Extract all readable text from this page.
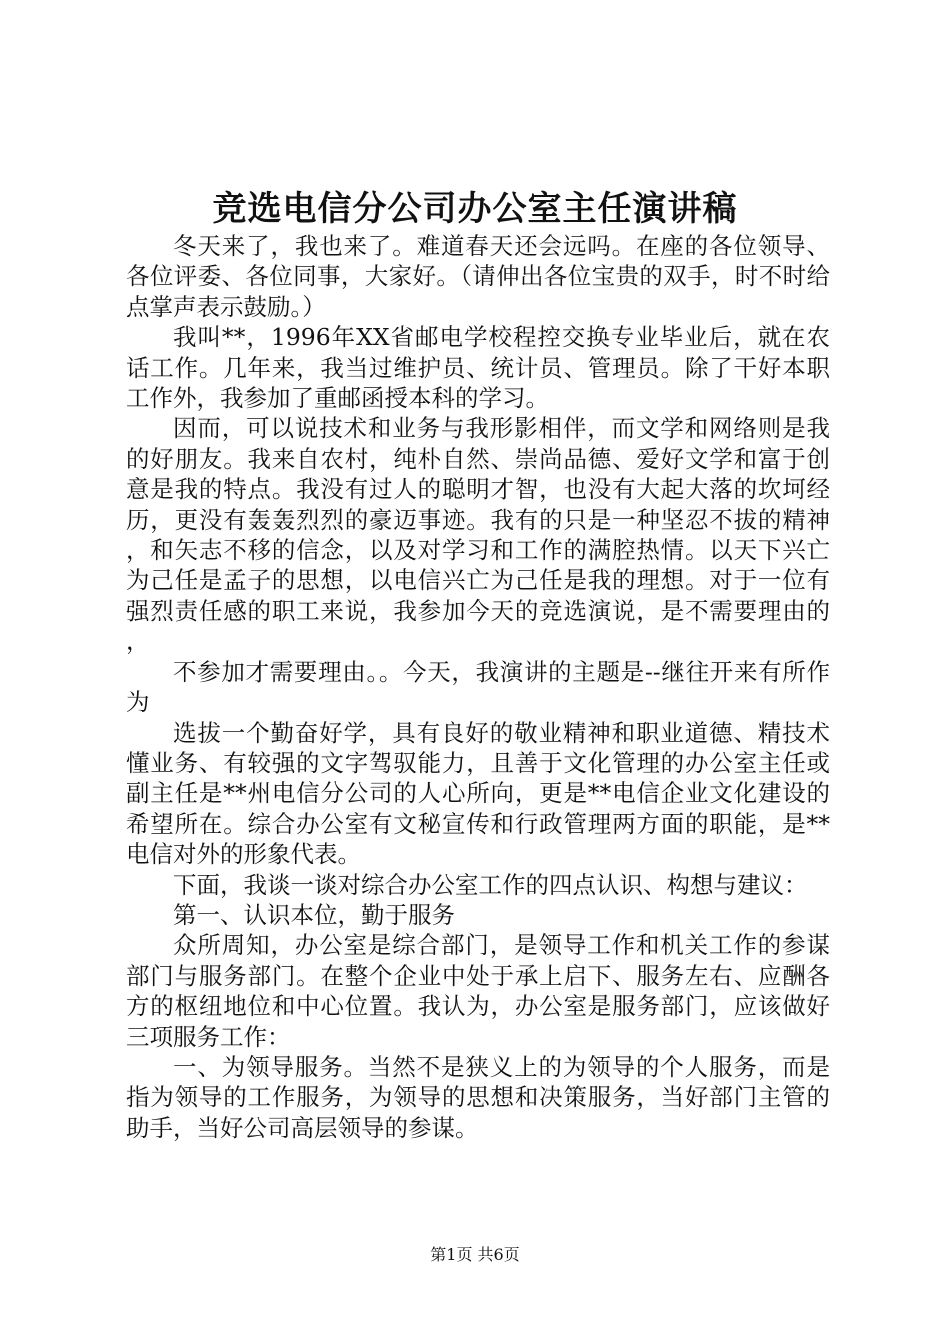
竞选电信分公司办公室主任演讲稿

冬天来了，我也来了。难道春天还会远吗。在座的各位领导、各位评委、各位同事，大家好。（请伸出各位宝贵的双手，时不时给点掌声表示鼓励。）

我叫**，1996年XX省邮电学校程控交换专业毕业后，就在农话工作。几年来，我当过维护员、统计员、管理员。除了干好本职工作外，我参加了重邮函授本科的学习。

因而，可以说技术和业务与我形影相伴，而文学和网络则是我的好朋友。我来自农村，纯朴自然、崇尚品德、爱好文学和富于创意是我的特点。我没有过人的聪明才智，也没有大起大落的坎坷经历，更没有轰轰烈烈的豪迈事迹。我有的只是一种坚忍不拔的精神，和矢志不移的信念，以及对学习和工作的满腔热情。以天下兴亡为己任是孟子的思想，以电信兴亡为己任是我的理想。对于一位有强烈责任感的职工来说，我参加今天的竞选演说，是不需要理由的，

不参加才需要理由。。今天，我演讲的主题是--继往开来有所作为

选拔一个勤奋好学，具有良好的敬业精神和职业道德、精技术懂业务、有较强的文字驾驭能力，且善于文化管理的办公室主任或副主任是**州电信分公司的人心所向，更是**电信企业文化建设的希望所在。综合办公室有文秘宣传和行政管理两方面的职能，是**电信对外的形象代表。

下面，我谈一谈对综合办公室工作的四点认识、构想与建议：

第一、认识本位，勤于服务

众所周知，办公室是综合部门，是领导工作和机关工作的参谋部门与服务部门。在整个企业中处于承上启下、服务左右、应酬各方的枢纽地位和中心位置。我认为，办公室是服务部门，应该做好三项服务工作：

一、为领导服务。当然不是狭义上的为领导的个人服务，而是指为领导的工作服务，为领导的思想和决策服务，当好部门主管的助手，当好公司高层领导的参谋。

第1页 共6页
